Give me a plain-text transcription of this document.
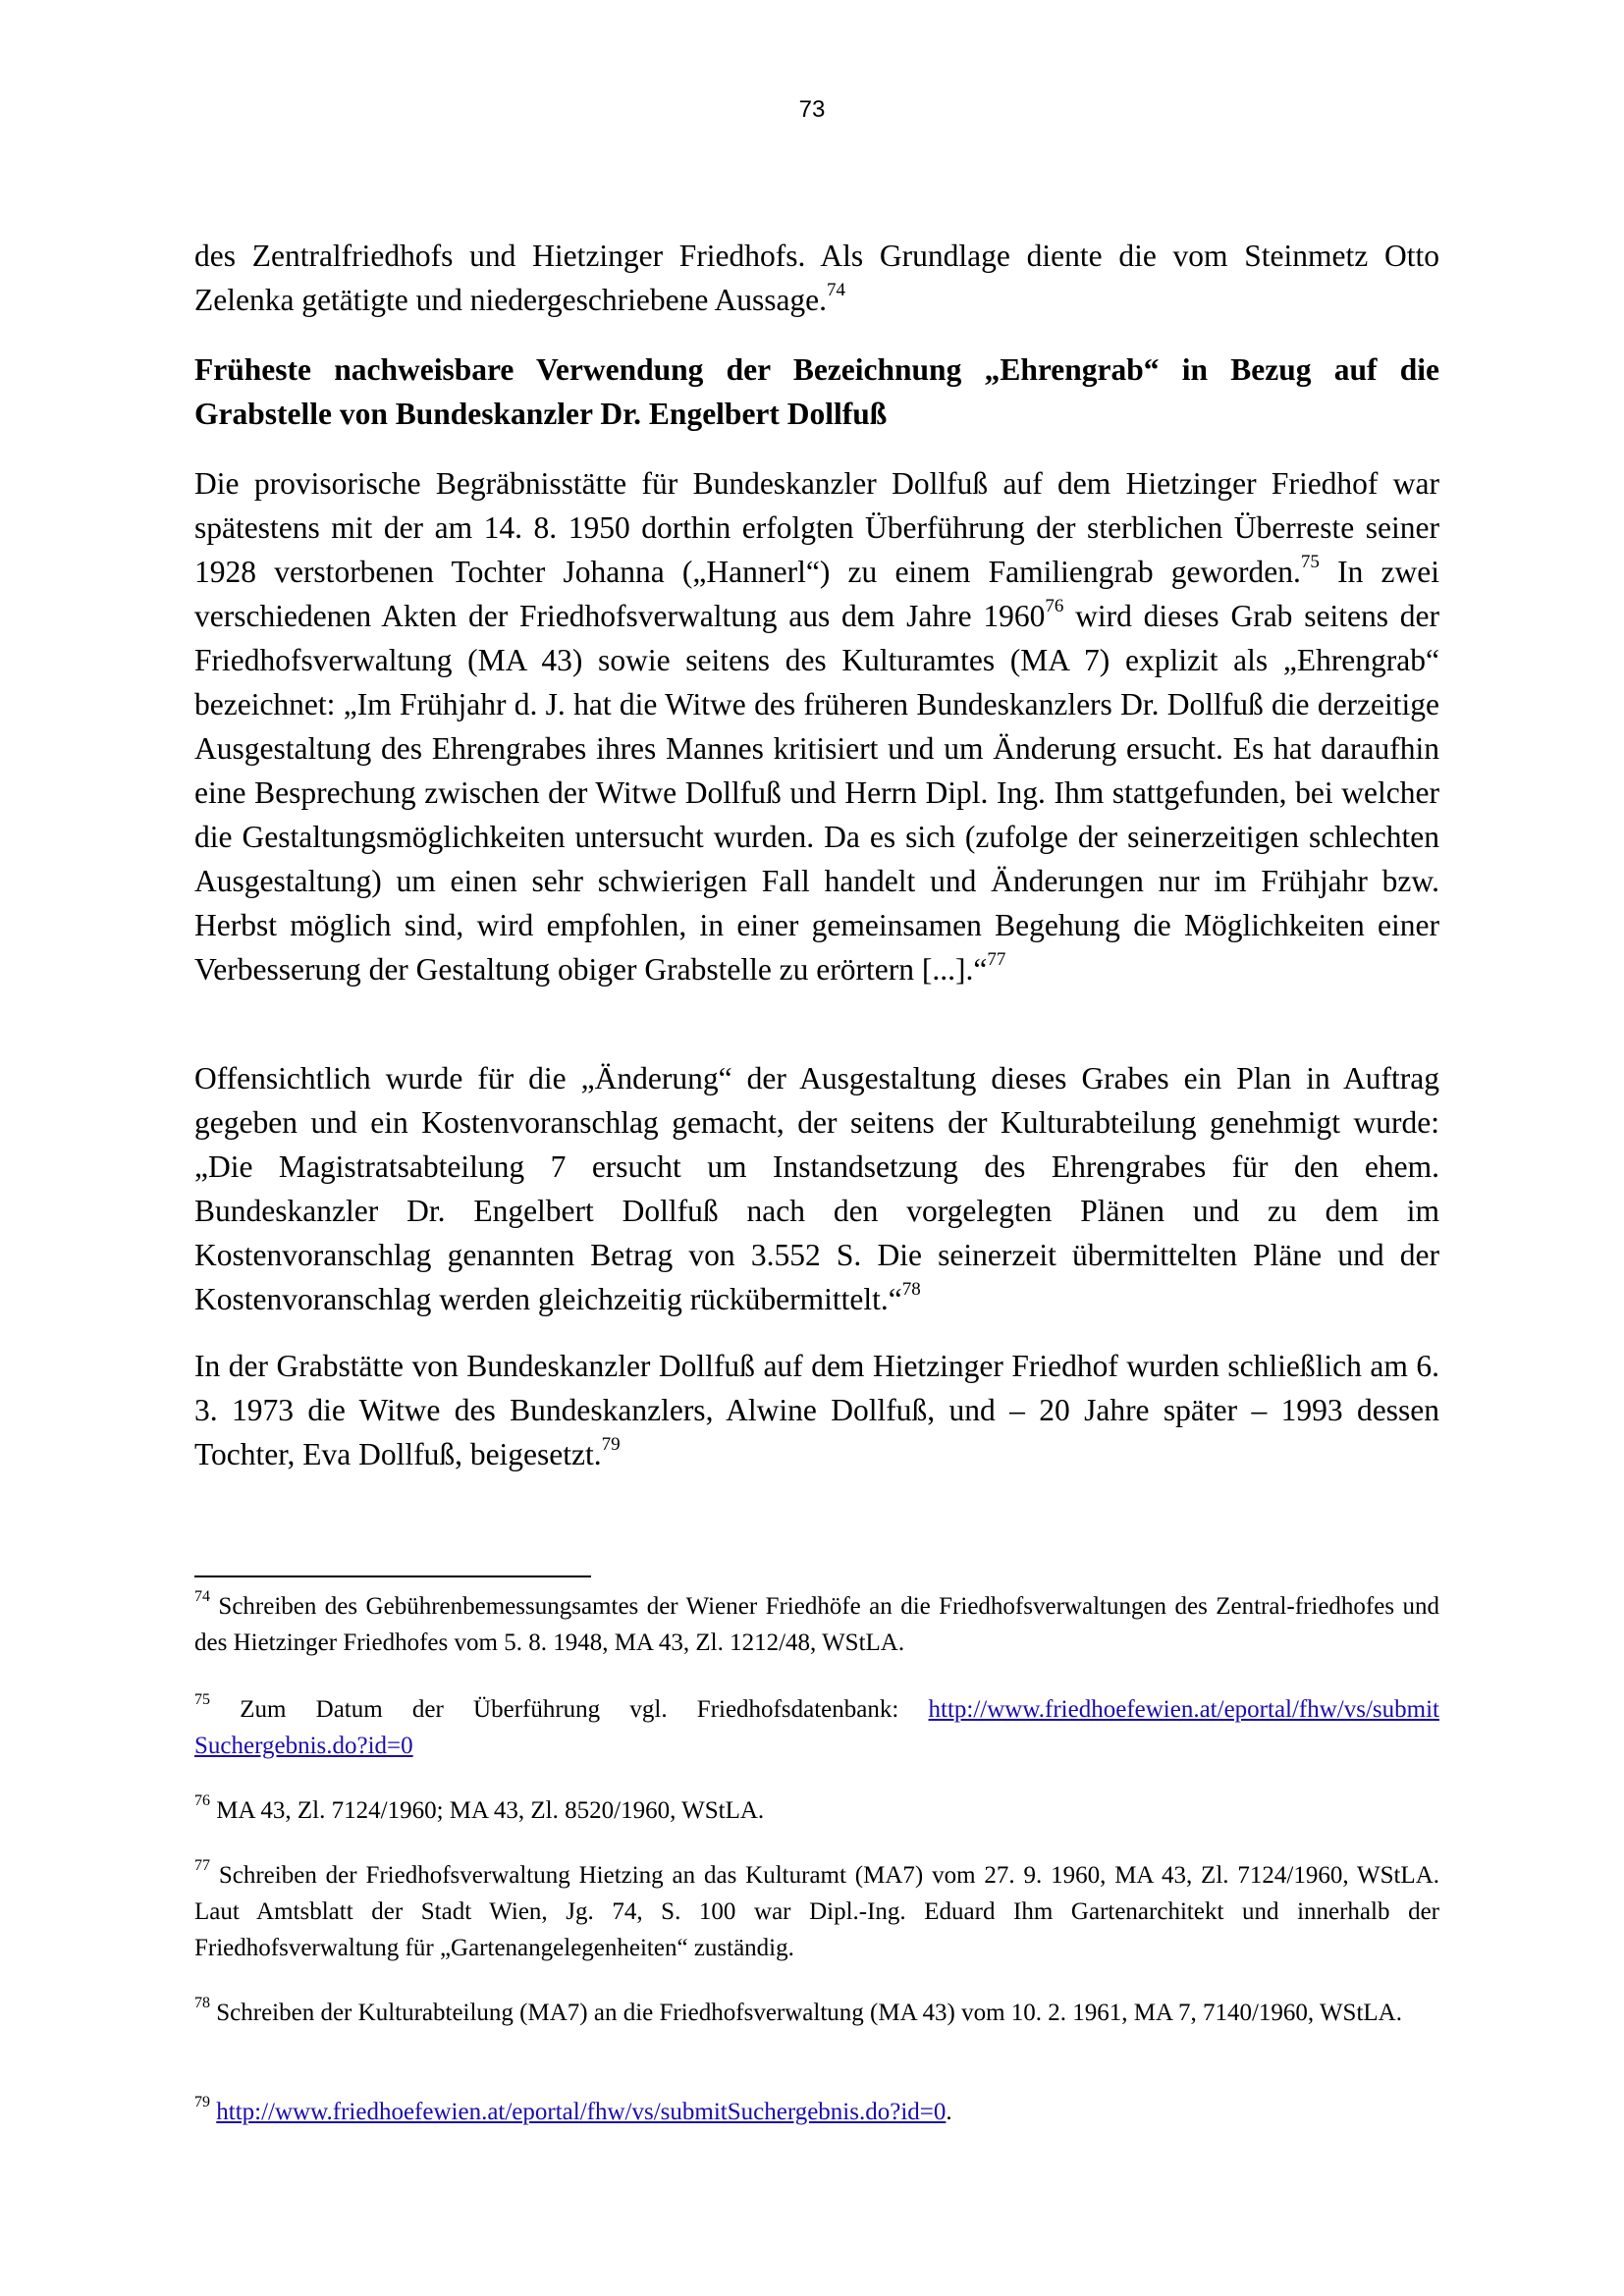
73

des Zentralfriedhofs und Hietzinger Friedhofs. Als Grundlage diente die vom Steinmetz Otto Zelenka getätigte und niedergeschriebene Aussage.$^{74}$

Früheste nachweisbare Verwendung der Bezeichnung „Ehrengrab“ in Bezug auf die Grabstelle von Bundeskanzler Dr. Engelbert Dollfuß

Die provisorische Begräbnisstätte für Bundeskanzler Dollfuß auf dem Hietzinger Friedhof war spätestens mit der am 14. 8. 1950 dorthin erfolgten Überführung der sterblichen Überreste seiner 1928 verstorbenen Tochter Johanna („Hannerl“) zu einem Familiengrab geworden.$^{75}$ In zwei verschiedenen Akten der Friedhofsverwaltung aus dem Jahre 1960$^{76}$ wird dieses Grab seitens der Friedhofsverwaltung (MA 43) sowie seitens des Kulturamtes (MA 7) explizit als „Ehrengrab“ bezeichnet: „Im Frühjahr d. J. hat die Witwe des früheren Bundeskanzlers Dr. Dollfuß die derzeitige Ausgestaltung des Ehrengrabes ihres Mannes kritisiert und um Änderung ersucht. Es hat daraufhin eine Besprechung zwischen der Witwe Dollfuß und Herrn Dipl. Ing. Ihm stattgefunden, bei welcher die Gestaltungsmöglichkeiten untersucht wurden. Da es sich (zufolge der seinerzeitigen schlechten Ausgestaltung) um einen sehr schwierigen Fall handelt und Änderungen nur im Frühjahr bzw. Herbst möglich sind, wird empfohlen, in einer gemeinsamen Begehung die Möglichkeiten einer Verbesserung der Gestaltung obiger Grabstelle zu erörtern [...].“$^{77}$

Offensichtlich wurde für die „Änderung“ der Ausgestaltung dieses Grabes ein Plan in Auftrag gegeben und ein Kostenvoranschlag gemacht, der seitens der Kulturabteilung genehmigt wurde: „Die Magistratsabteilung 7 ersucht um Instandsetzung des Ehrengrabes für den ehem. Bundeskanzler Dr. Engelbert Dollfuß nach den vorgelegten Plänen und zu dem im Kostenvoranschlag genannten Betrag von 3.552 S. Die seinerzeit übermittelten Pläne und der Kostenvoranschlag werden gleichzeitig rückübermittelt.“$^{78}$

In der Grabstätte von Bundeskanzler Dollfuß auf dem Hietzinger Friedhof wurden schließlich am 6. 3. 1973 die Witwe des Bundeskanzlers, Alwine Dollfuß, und – 20 Jahre später – 1993 dessen Tochter, Eva Dollfuß, beigesetzt.$^{79}$

$^{74}$ Schreiben des Gebührenbemessungsamtes der Wiener Friedhöfe an die Friedhofsverwaltungen des Zentral-friedhofes und des Hietzinger Friedhofes vom 5. 8. 1948, MA 43, Zl. 1212/48, WStLA.

$^{75}$ Zum Datum der Überführung vgl. Friedhofsdatenbank: http://www.friedhoefewien.at/eportal/fhw/vs/submit Suchergebnis.do?id=0

$^{76}$ MA 43, Zl. 7124/1960; MA 43, Zl. 8520/1960, WStLA.

$^{77}$ Schreiben der Friedhofsverwaltung Hietzing an das Kulturamt (MA7) vom 27. 9. 1960, MA 43, Zl. 7124/1960, WStLA. Laut Amtsblatt der Stadt Wien, Jg. 74, S. 100 war Dipl.-Ing. Eduard Ihm Gartenarchitekt und innerhalb der Friedhofsverwaltung für „Gartenangelegenheiten“ zuständig.

$^{78}$ Schreiben der Kulturabteilung (MA7) an die Friedhofsverwaltung (MA 43) vom 10. 2. 1961, MA 7, 7140/1960, WStLA.

$^{79}$ http://www.friedhoefewien.at/eportal/fhw/vs/submitSuchergebnis.do?id=0.
